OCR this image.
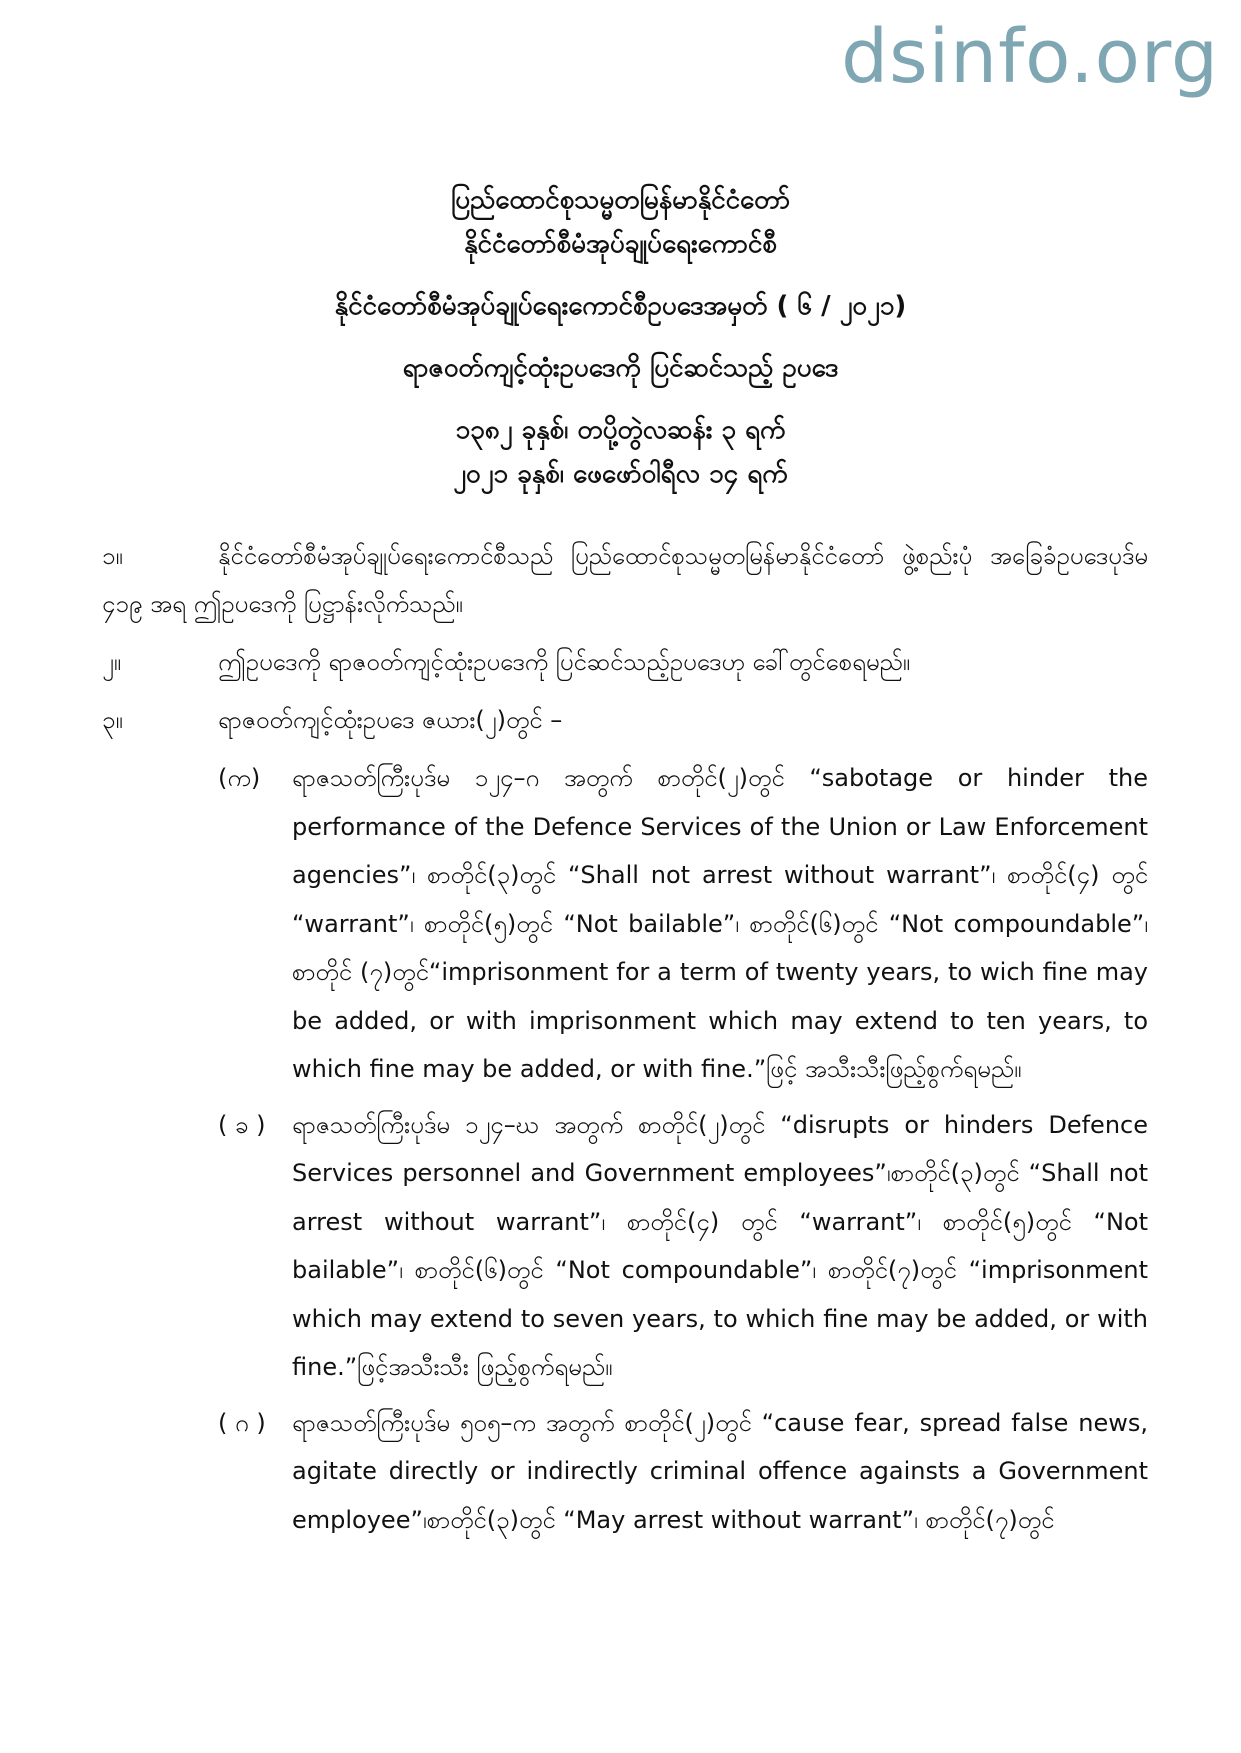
dsinfo.org
ပြည်ထောင်စုသမ္မတမြန်မာနိုင်ငံတော်
နိုင်ငံတော်စီမံအုပ်ချုပ်ရေးကောင်စီ
နိုင်ငံတော်စီမံအုပ်ချုပ်ရေးကောင်စီဥပဒေအမှတ် ( ၆ / ၂၀၂၁)
ရာဇဝတ်ကျင့်ထုံးဥပဒေကို ပြင်ဆင်သည့် ဥပဒေ
၁၃၈၂ ခုနှစ်၊ တပို့တွဲလဆန်း ၃ ရက်
၂၀၂၁ ခုနှစ်၊ ဖေဖော်ဝါရီလ ၁၄ ရက်
၁။	နိုင်ငံတော်စီမံအုပ်ချုပ်ရေးကောင်စီသည် ပြည်ထောင်စုသမ္မတမြန်မာနိုင်ငံတော် ဖွဲ့စည်းပုံ အခြေခံဥပဒေပုဒ်မ ၄၁၉ အရ ဤဥပဒေကို ပြဋ္ဌာန်းလိုက်သည်။
၂။	ဤဥပဒေကို ရာဇဝတ်ကျင့်ထုံးဥပဒေကို ပြင်ဆင်သည့်ဥပဒေဟု ခေါ်တွင်စေရမည်။
၃။	ရာဇဝတ်ကျင့်ထုံးဥပဒေ ဇယား(၂)တွင် –
(က) ရာဇသတ်ကြီးပုဒ်မ ၁၂၄–ဂ အတွက် စာတိုင်(၂)တွင် “sabotage or hinder the performance of the Defence Services of the Union or Law Enforcement agencies”၊ စာတိုင်(၃)တွင် “Shall not arrest without warrant”၊ စာတိုင်(၄) တွင် “warrant”၊ စာတိုင်(၅)တွင် “Not bailable”၊ စာတိုင်(၆)တွင် “Not compoundable”၊ စာတိုင် (၇)တွင်“imprisonment for a term of twenty years, to wich fine may be added, or with imprisonment which may extend to ten years, to which fine may be added, or with fine.”ဖြင့် အသီးသီးဖြည့်စွက်ရမည်။
( ခ ) ရာဇသတ်ကြီးပုဒ်မ ၁၂၄–ဃ အတွက် စာတိုင်(၂)တွင် “disrupts or hinders Defence Services personnel and Government employees”၊စာတိုင်(၃)တွင် “Shall not arrest without warrant”၊ စာတိုင်(၄) တွင် “warrant”၊ စာတိုင်(၅)တွင် “Not bailable”၊ စာတိုင်(၆)တွင် “Not compoundable”၊ စာတိုင်(၇)တွင် “imprisonment which may extend to seven years, to which fine may be added, or with fine.”ဖြင့်အသီးသီး ဖြည့်စွက်ရမည်။
( ဂ ) ရာဇသတ်ကြီးပုဒ်မ ၅၀၅–က အတွက် စာတိုင်(၂)တွင် “cause fear, spread false news, agitate directly or indirectly criminal offence againsts a Government employee”၊စာတိုင်(၃)တွင် “May arrest without warrant”၊ စာတိုင်(၇)တွင်
